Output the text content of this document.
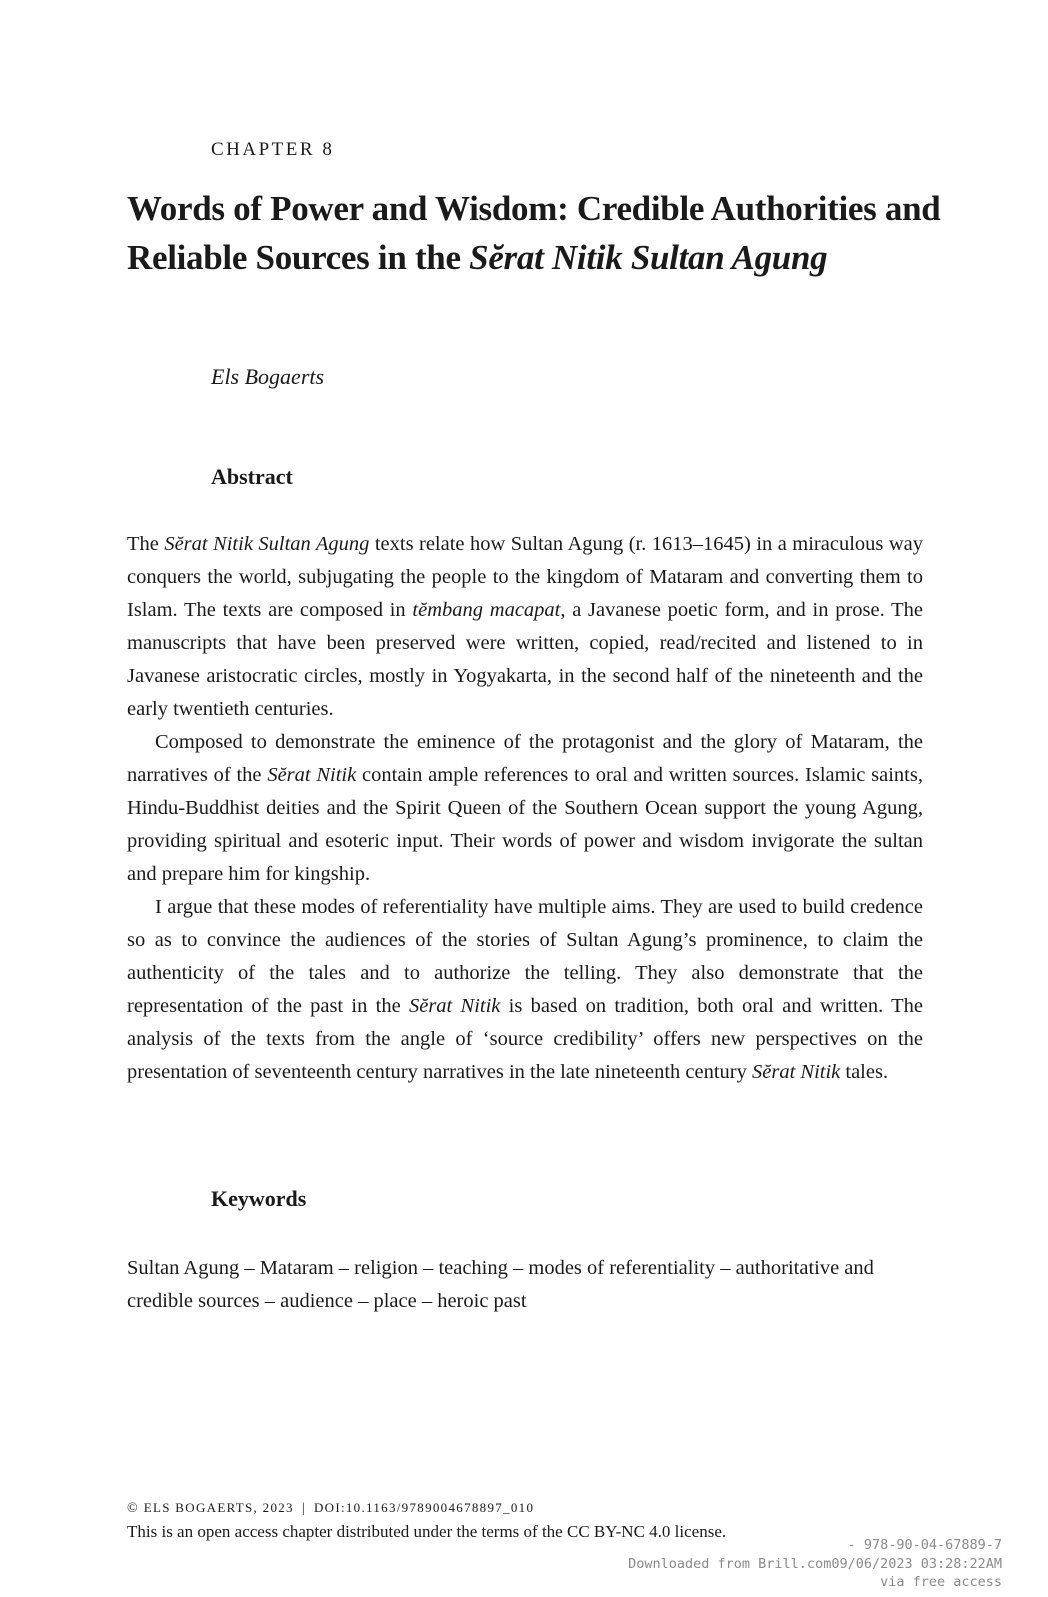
CHAPTER 8
Words of Power and Wisdom: Credible Authorities and Reliable Sources in the Sĕrat Nitik Sultan Agung
Els Bogaerts
Abstract

The Sĕrat Nitik Sultan Agung texts relate how Sultan Agung (r. 1613–1645) in a miraculous way conquers the world, subjugating the people to the kingdom of Mataram and converting them to Islam. The texts are composed in tĕmbang macapat, a Javanese poetic form, and in prose. The manuscripts that have been preserved were written, copied, read/recited and listened to in Javanese aristocratic circles, mostly in Yogyakarta, in the second half of the nineteenth and the early twentieth centuries.

Composed to demonstrate the eminence of the protagonist and the glory of Mataram, the narratives of the Sĕrat Nitik contain ample references to oral and written sources. Islamic saints, Hindu-Buddhist deities and the Spirit Queen of the Southern Ocean support the young Agung, providing spiritual and esoteric input. Their words of power and wisdom invigorate the sultan and prepare him for kingship.

I argue that these modes of referentiality have multiple aims. They are used to build credence so as to convince the audiences of the stories of Sultan Agung’s prominence, to claim the authenticity of the tales and to authorize the telling. They also demonstrate that the representation of the past in the Sĕrat Nitik is based on tradition, both oral and written. The analysis of the texts from the angle of ‘source credibility’ offers new perspectives on the presentation of seventeenth century narratives in the late nineteenth century Sĕrat Nitik tales.

Keywords

Sultan Agung – Mataram – religion – teaching – modes of referentiality – authoritative and credible sources – audience – place – heroic past

© ELS BOGAERTS, 2023 | DOI:10.1163/9789004678897_010
This is an open access chapter distributed under the terms of the CC BY-NC 4.0 license.
- 978-90-04-67889-7
Downloaded from Brill.com09/06/2023 03:28:22AM
via free access
